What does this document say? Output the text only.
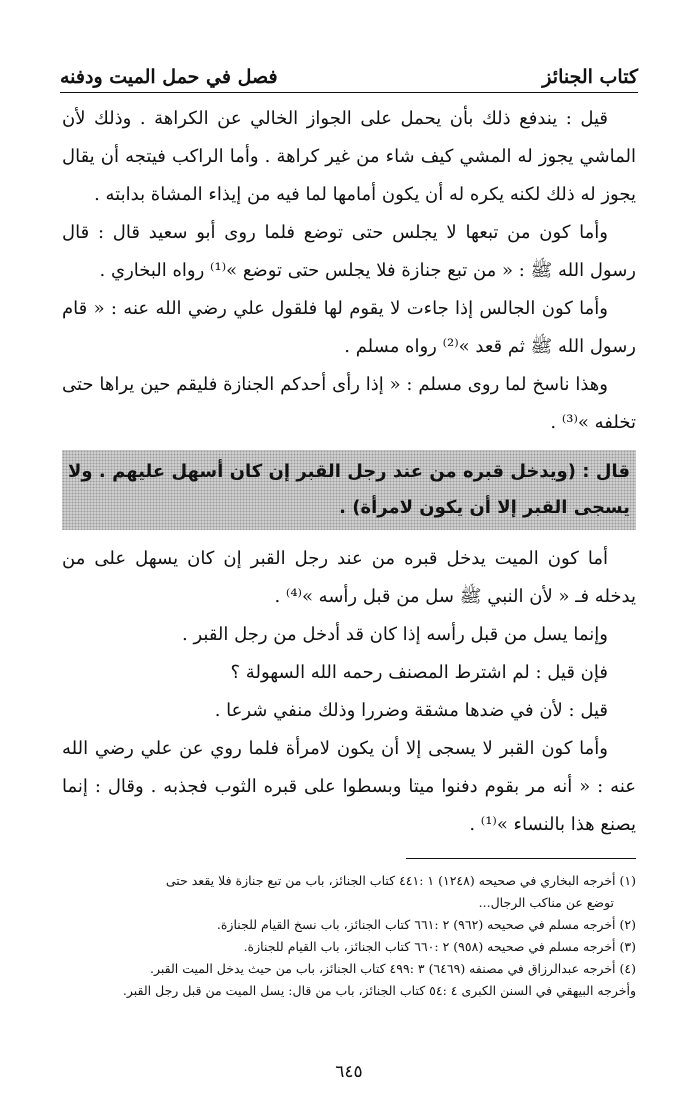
كتاب الجنائز
فصل في حمل الميت ودفنه

قيل : يندفع ذلك بأن يحمل على الجواز الخالي عن الكراهة . وذلك لأن الماشي يجوز له المشي كيف شاء من غير كراهة . وأما الراكب فيتجه أن يقال يجوز له ذلك لكنه يكره له أن يكون أمامها لما فيه من إيذاء المشاة بدابته .

وأما كون من تبعها لا يجلس حتى توضع فلما روى أبو سعيد قال : قال رسول الله ﷺ : « من تبع جنازة فلا يجلس حتى توضع »⁽¹⁾ رواه البخاري .

وأما كون الجالس إذا جاءت لا يقوم لها فلقول علي رضي الله عنه : « قام رسول الله ﷺ ثم قعد »⁽²⁾ رواه مسلم .

وهذا ناسخ لما روى مسلم : « إذا رأى أحدكم الجنازة فليقم حين يراها حتى تخلفه »⁽³⁾ .

قال : (ويدخل قبره من عند رجل القبر إن كان أسهل عليهم . ولا يسجى القبر إلا أن يكون لامرأة) .

أما كون الميت يدخل قبره من عند رجل القبر إن كان يسهل على من يدخله فـ « لأن النبي ﷺ سل من قبل رأسه »⁽⁴⁾ .

وإنما يسل من قبل رأسه إذا كان قد أدخل من رجل القبر .

فإن قيل : لم اشترط المصنف رحمه الله السهولة ؟

قيل : لأن في ضدها مشقة وضررا وذلك منفي شرعا .

وأما كون القبر لا يسجى إلا أن يكون لامرأة فلما روي عن علي رضي الله عنه : « أنه مر بقوم دفنوا ميتا وبسطوا على قبره الثوب فجذبه . وقال : إنما يصنع هذا بالنساء »⁽¹⁾ .

(١) أخرجه البخاري في صحيحه (١٢٤٨) ١ :٤٤١ كتاب الجنائز، باب من تبع جنازة فلا يقعد حتى

توضع عن مناكب الرجال...

(٢) أخرجه مسلم في صحيحه (٩٦٢) ٢ :٦٦١ كتاب الجنائز، باب نسخ القيام للجنازة.

(٣) أخرجه مسلم في صحيحه (٩٥٨) ٢ :٦٦٠ كتاب الجنائز، باب القيام للجنازة.

(٤) أخرجه عبدالرزاق في مصنفه (٦٤٦٩) ٣ :٤٩٩ كتاب الجنائز، باب من حيث يدخل الميت القبر.

وأخرجه البيهقي في السنن الكبرى ٤ :٥٤ كتاب الجنائز، باب من قال: يسل الميت من قبل رجل القبر.

٦٤٥
